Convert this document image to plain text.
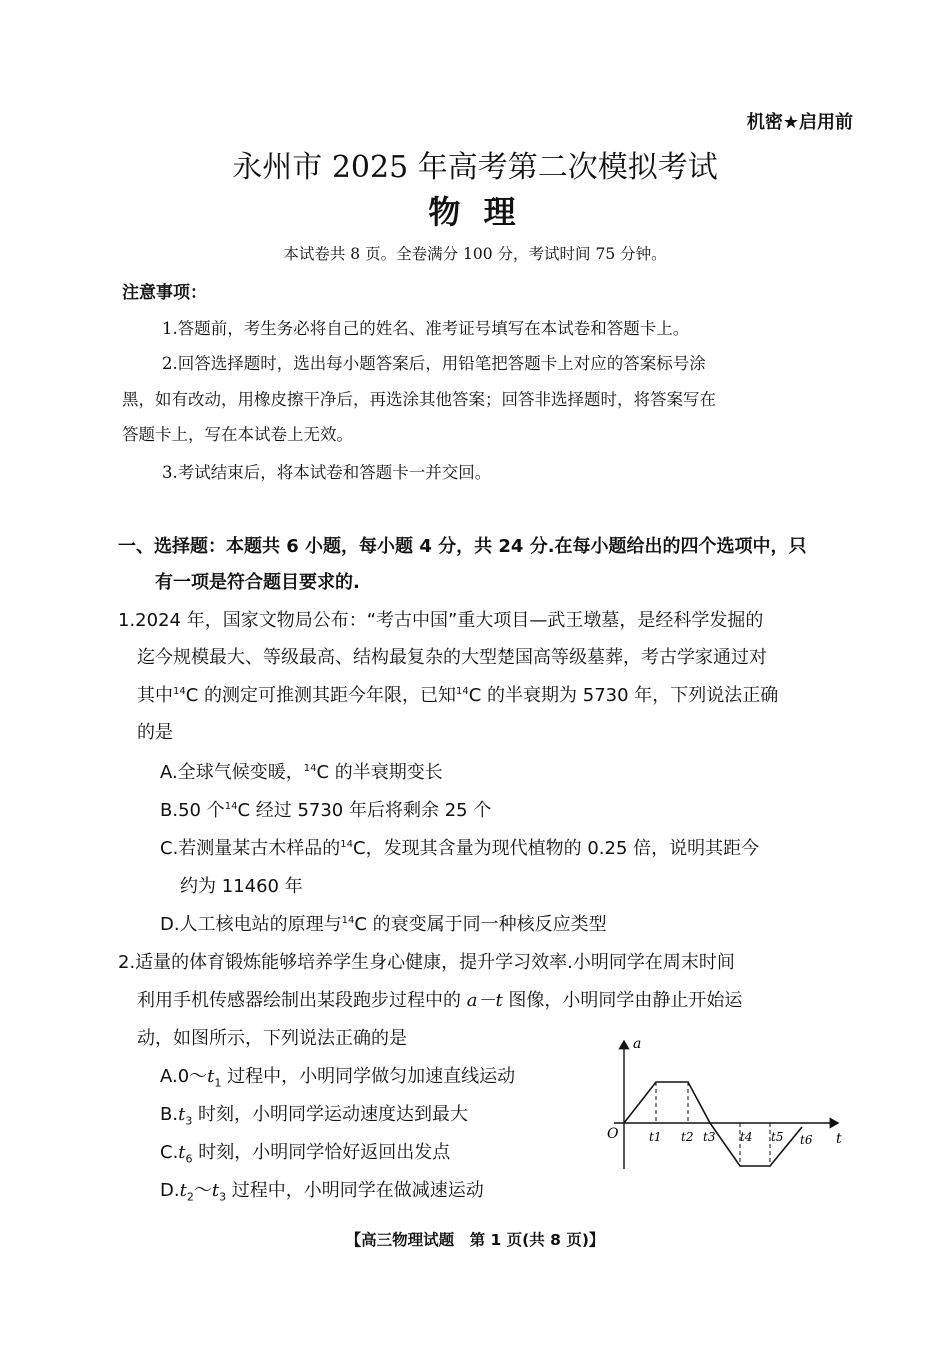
机密★启用前
永州市 2025 年高考第二次模拟考试
物 理
本试卷共 8 页。全卷满分 100 分，考试时间 75 分钟。
注意事项：
1.答题前，考生务必将自己的姓名、准考证号填写在本试卷和答题卡上。
2.回答选择题时，选出每小题答案后，用铅笔把答题卡上对应的答案标号涂
黑，如有改动，用橡皮擦干净后，再选涂其他答案；回答非选择题时，将答案写在
答题卡上，写在本试卷上无效。
3.考试结束后，将本试卷和答题卡一并交回。
一、选择题：本题共 6 小题，每小题 4 分，共 24 分.在每小题给出的四个选项中，只
有一项是符合题目要求的.
1.2024 年，国家文物局公布：“考古中国”重大项目—武王墩墓，是经科学发掘的
迄今规模最大、等级最高、结构最复杂的大型楚国高等级墓葬，考古学家通过对
其中$^{14}$C 的测定可推测其距今年限，已知$^{14}$C 的半衰期为 5730 年，下列说法正确
的是
A.全球气候变暖，$^{14}$C 的半衰期变长
B.50 个$^{14}$C 经过 5730 年后将剩余 25 个
C.若测量某古木样品的$^{14}$C，发现其含量为现代植物的 0.25 倍，说明其距今
约为 11460 年
D.人工核电站的原理与$^{14}$C 的衰变属于同一种核反应类型
2.适量的体育锻炼能够培养学生身心健康，提升学习效率.小明同学在周末时间
利用手机传感器绘制出某段跑步过程中的 a－t 图像，小明同学由静止开始运
动，如图所示，下列说法正确的是
$A.0\sim t_1$ 过程中，小明同学做匀加速直线运动
$B.t_3$ 时刻，小明同学运动速度达到最大
$C.t_6$ 时刻，小明同学恰好返回出发点
$D.t_2\sim t_3$ 过程中，小明同学在做减速运动
a
t
O	t1 t2 t3 t4 t5 t6
【高三物理试题　第 1 页(共 8 页)】
